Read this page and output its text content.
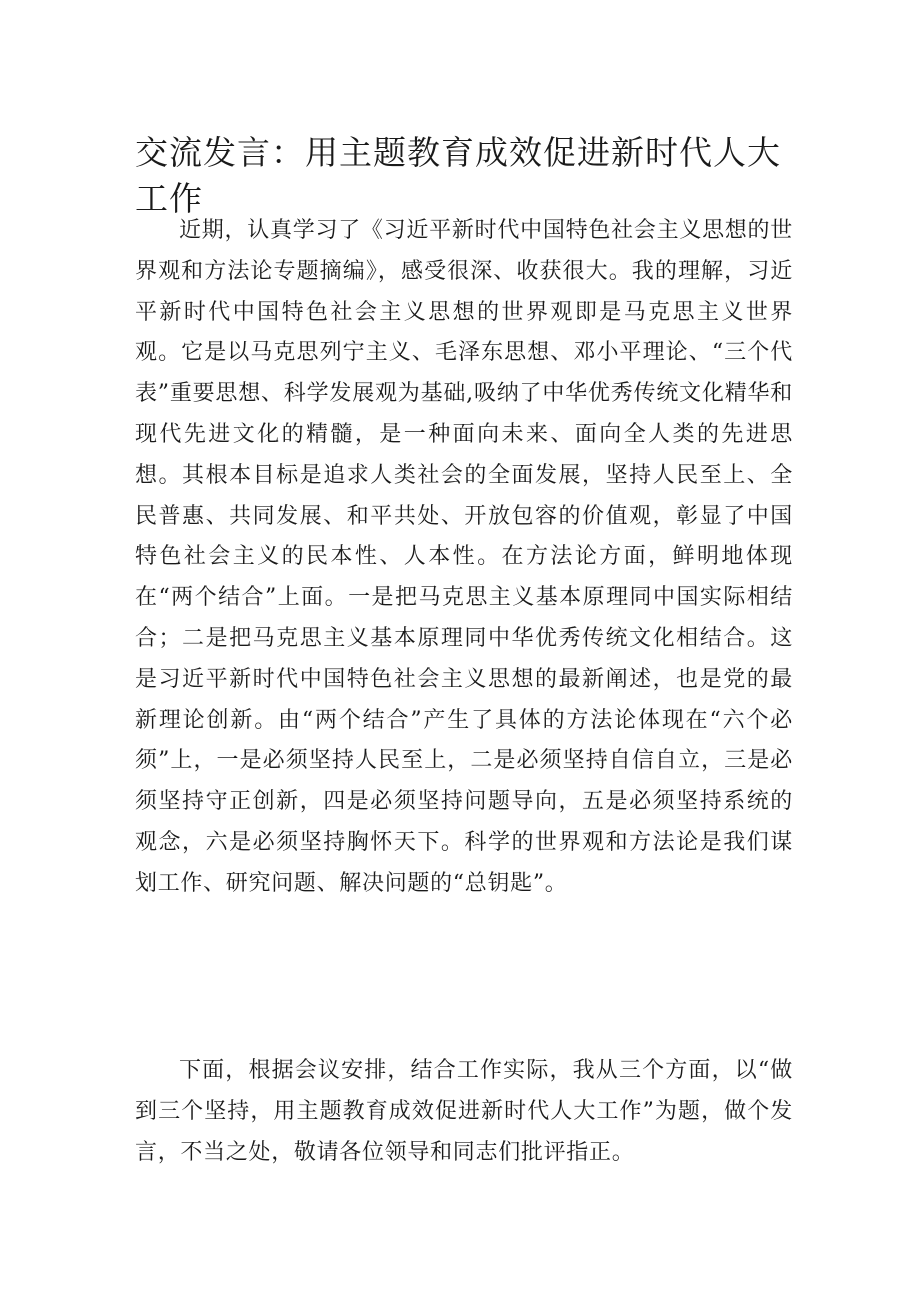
交流发言：用主题教育成效促进新时代人大工作

近期，认真学习了《习近平新时代中国特色社会主义思想的世界观和方法论专题摘编》，感受很深、收获很大。我的理解，习近平新时代中国特色社会主义思想的世界观即是马克思主义世界观。它是以马克思列宁主义、毛泽东思想、邓小平理论、“三个代表”重要思想、科学发展观为基础,吸纳了中华优秀传统文化精华和现代先进文化的精髓，是一种面向未来、面向全人类的先进思想。其根本目标是追求人类社会的全面发展，坚持人民至上、全民普惠、共同发展、和平共处、开放包容的价值观，彰显了中国特色社会主义的民本性、人本性。在方法论方面，鲜明地体现在“两个结合”上面。一是把马克思主义基本原理同中国实际相结合；二是把马克思主义基本原理同中华优秀传统文化相结合。这是习近平新时代中国特色社会主义思想的最新阐述，也是党的最新理论创新。由“两个结合”产生了具体的方法论体现在“六个必须”上，一是必须坚持人民至上，二是必须坚持自信自立，三是必须坚持守正创新，四是必须坚持问题导向，五是必须坚持系统的观念，六是必须坚持胸怀天下。科学的世界观和方法论是我们谋划工作、研究问题、解决问题的“总钥匙”。

下面，根据会议安排，结合工作实际，我从三个方面，以“做到三个坚持，用主题教育成效促进新时代人大工作”为题，做个发言，不当之处，敬请各位领导和同志们批评指正。
